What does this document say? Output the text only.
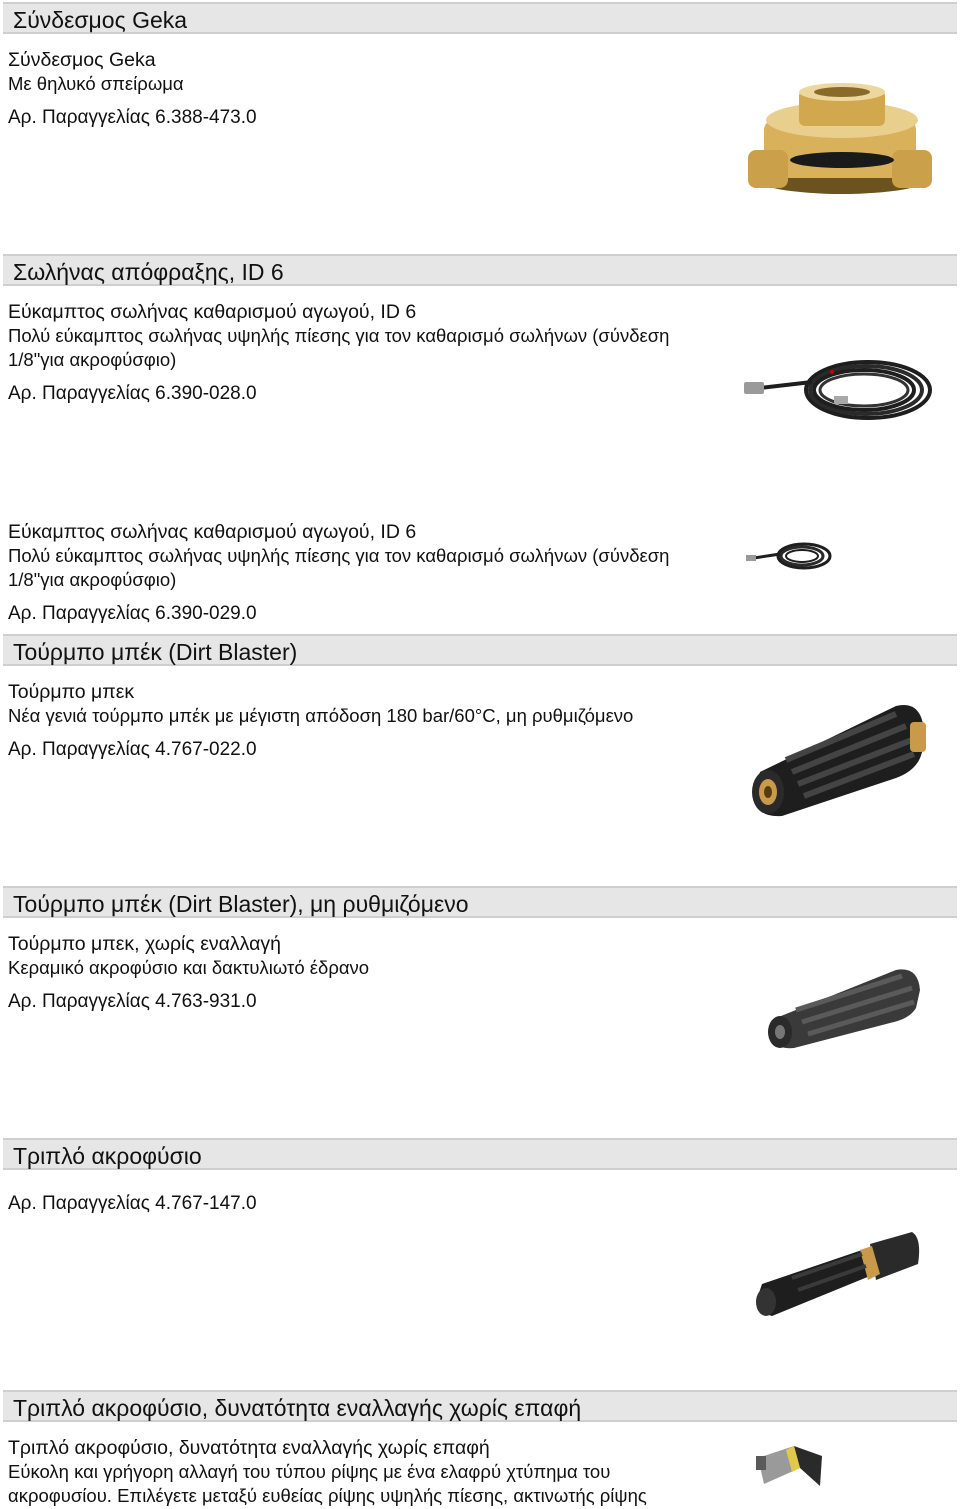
Σύνδεσμος Geka

Σύνδεσμος Geka

Με θηλυκό σπείρωμα

Αρ. Παραγγελίας 6.388-473.0

Σωλήνας απόφραξης, ID 6

Εύκαμπτος σωλήνας καθαρισμού αγωγού, ID 6

Πολύ εύκαμπτος σωλήνας υψηλής πίεσης για τον καθαρισμό σωλήνων (σύνδεση

1/8"για ακροφύσφιο)

Αρ. Παραγγελίας 6.390-028.0

Εύκαμπτος σωλήνας καθαρισμού αγωγού, ID 6

Πολύ εύκαμπτος σωλήνας υψηλής πίεσης για τον καθαρισμό σωλήνων (σύνδεση

1/8"για ακροφύσφιο)

Αρ. Παραγγελίας 6.390-029.0

Τούρμπο μπέκ (Dirt Blaster)

Τούρμπο μπεκ

Νέα γενιά τούρμπο μπέκ με μέγιστη απόδοση 180 bar/60°C, μη ρυθμιζόμενο

Αρ. Παραγγελίας 4.767-022.0

Τούρμπο μπέκ (Dirt Blaster), μη ρυθμιζόμενο

Τούρμπο μπεκ, χωρίς εναλλαγή

Κεραμικό ακροφύσιο και δακτυλιωτό έδρανο

Αρ. Παραγγελίας 4.763-931.0

Τριπλό ακροφύσιο

Αρ. Παραγγελίας 4.767-147.0

Τριπλό ακροφύσιο, δυνατότητα εναλλαγής χωρίς επαφή

Τριπλό ακροφύσιο, δυνατότητα εναλλαγής χωρίς επαφή

Εύκολη και γρήγορη αλλαγή του τύπου ρίψης με ένα ελαφρύ χτύπημα του

ακροφυσίου. Επιλέγετε μεταξύ ευθείας ρίψης υψηλής πίεσης, ακτινωτής ρίψης
